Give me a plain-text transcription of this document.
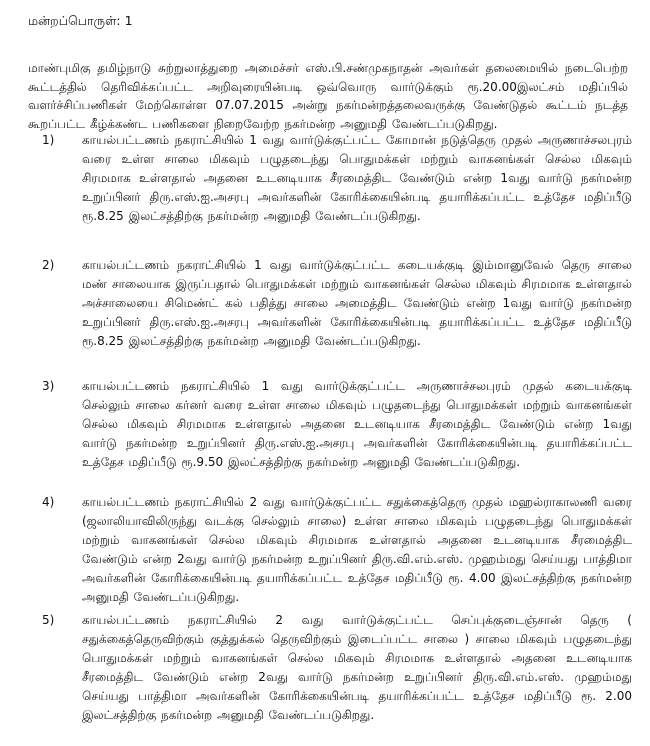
மன்றப்பொருள்: 1
மாண்புமிகு தமிழ்நாடு சுற்றுலாத்துறை அமைச்சர் எஸ்.பி.சண்முகநாதன் அவர்கள் தலைமையில் நடைபெற்ற கூட்டத்தில் தெரிவிக்கப்பட்ட அறிவுரையின்படி ஒவ்வொரு வார்டுக்கும் ரூ.20.00இலட்சம் மதிப்பில் வளர்ச்சிப்பணிகள் மேற்கொள்ள 07.07.2015 அன்று நகர்மன்றத்தலைவருக்கு வேண்டுதல் கூட்டம் நடத்த கூறப்பட்ட கீழ்க்கண்ட பணிகளை நிறைவேற்ற நகர்மன்ற அனுமதி வேண்டப்படுகிறது.
1)	காயல்பட்டணம் நகராட்சியில் 1 வது வார்டுக்குட்பட்ட கோமான் நடுத்தெரு முதல் அருணாச்சலபுரம் வரை உள்ள சாலை மிகவும் பழுதடைந்து பொதுமக்கள் மற்றும் வாகனங்கள் செல்ல மிகவும் சிரமமாக உள்ளதால் அதனை உடனடியாக சீரமைத்திட வேண்டும் என்ற 1வது வார்டு நகர்மன்ற உறுப்பினர் திரு.எஸ்.ஐ.அசரபு அவர்களின் கோரிக்கையின்படி தயாரிக்கப்பட்ட உத்தேச மதிப்பீடு ரூ.8.25 இலட்சத்திற்கு நகர்மன்ற அனுமதி வேண்டப்படுகிறது.
2)	காயல்பட்டணம் நகராட்சியில் 1 வது வார்டுக்குட்பட்ட கடையக்குடி இம்மானுவேல் தெரு சாலை மண் சாலையாக இருப்பதால் பொதுமக்கள் மற்றும் வாகனங்கள் செல்ல மிகவும் சிரமமாக உள்ளதால் அச்சாலையை சிமெண்ட் கல் பதித்து சாலை அமைத்திட வேண்டும் என்ற 1வது வார்டு நகர்மன்ற உறுப்பினர் திரு.எஸ்.ஐ.அசரபு அவர்களின் கோரிக்கையின்படி தயாரிக்கப்பட்ட உத்தேச மதிப்பீடு ரூ.8.25 இலட்சத்திற்கு நகர்மன்ற அனுமதி வேண்டப்படுகிறது.
3)	காயல்பட்டணம் நகராட்சியில் 1 வது வார்டுக்குட்பட்ட அருணாச்சலபுரம் முதல் கடையக்குடி செல்லும் சாலை கர்னர் வரை உள்ள சாலை மிகவும் பழுதடைந்து பொதுமக்கள் மற்றும் வாகனங்கள் செல்ல மிகவும் சிரமமாக உள்ளதால் அதனை உடனடியாக சீரமைத்திட வேண்டும் என்ற 1வது வார்டு நகர்மன்ற உறுப்பினர் திரு.எஸ்.ஐ.அசரபு அவர்களின் கோரிக்கையின்படி தயாரிக்கப்பட்ட உத்தேச மதிப்பீடு ரூ.9.50 இலட்சத்திற்கு நகர்மன்ற அனுமதி வேண்டப்படுகிறது.
4)	காயல்பட்டணம் நகராட்சியில் 2 வது வார்டுக்குட்பட்ட சதுக்கைத்தெரு முதல் மஹல்ராகாலணி வரை (ஜலாலியாவிலிருந்து வடக்கு செல்லும் சாலை) உள்ள சாலை மிகவும் பழுதடைந்து பொதுமக்கள் மற்றும் வாகனங்கள் செல்ல மிகவும் சிரமமாக உள்ளதால் அதனை உடனடியாக சீரமைத்திட வேண்டும் என்ற 2வது வார்டு நகர்மன்ற உறுப்பினர் திரு.வி.எம்.எஸ். முஹம்மது செய்யது பாத்திமா அவர்களின் கோரிக்கையின்படி தயாரிக்கப்பட்ட உத்தேச மதிப்பீடு ரூ. 4.00 இலட்சத்திற்கு நகர்மன்ற அனுமதி வேண்டப்படுகிறது.
5)	காயல்பட்டணம் நகராட்சியில் 2 வது வார்டுக்குட்பட்ட செப்புக்குடைஞ்சான் தெரு ( சதுக்கைத்தெருவிற்கும் குத்துக்கல் தெருவிற்கும் இடைப்பட்ட சாலை ) சாலை மிகவும் பழுதடைந்து பொதுமக்கள் மற்றும் வாகனங்கள் செல்ல மிகவும் சிரமமாக உள்ளதால் அதனை உடனடியாக சீரமைத்திட வேண்டும் என்ற 2வது வார்டு நகர்மன்ற உறுப்பினர் திரு.வி.எம்.எஸ். முஹம்மது செய்யது பாத்திமா அவர்களின் கோரிக்கையின்படி தயாரிக்கப்பட்ட உத்தேச மதிப்பீடு ரூ. 2.00 இலட்சத்திற்கு நகர்மன்ற அனுமதி வேண்டப்படுகிறது.
